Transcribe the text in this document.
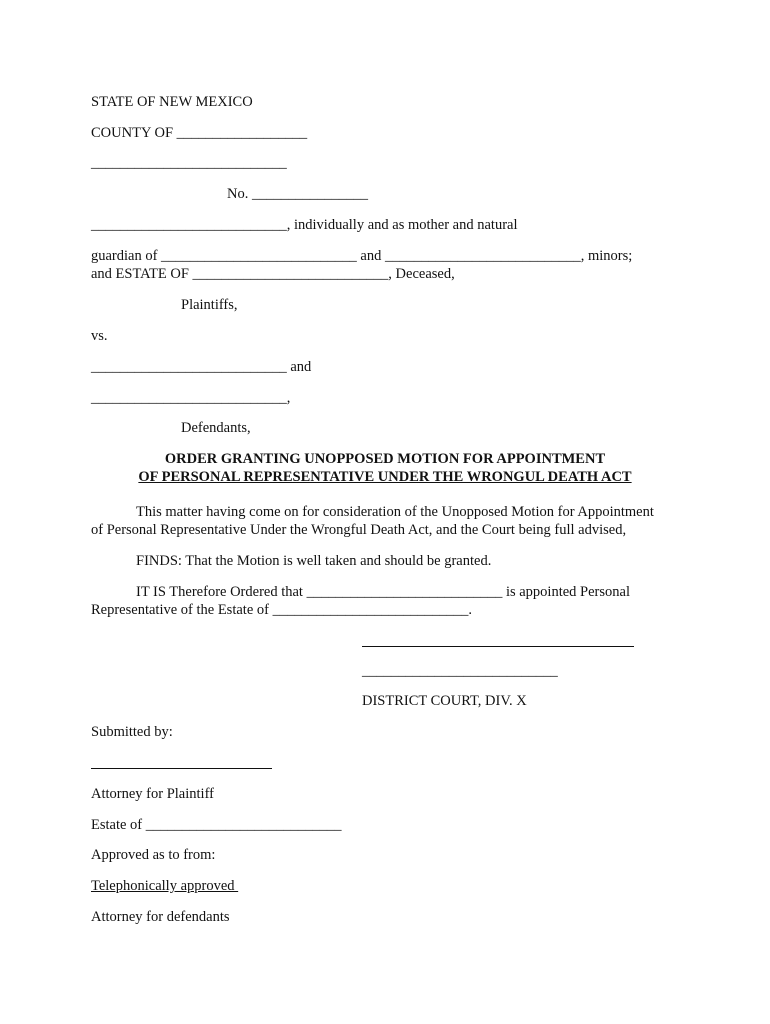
STATE OF NEW MEXICO
COUNTY OF __________________
___________________________
No. ________________
___________________________, individually and as mother and natural
guardian of ___________________________ and ___________________________, minors;
and ESTATE OF ___________________________, Deceased,
Plaintiffs,
vs.
___________________________ and
___________________________,
Defendants,
ORDER GRANTING UNOPPOSED MOTION FOR APPOINTMENT
OF PERSONAL REPRESENTATIVE UNDER THE WRONGUL DEATH ACT
This matter having come on for consideration of the Unopposed Motion for Appointment
of Personal Representative Under the Wrongful Death Act, and the Court being full advised,
FINDS: That the Motion is well taken and should be granted.
IT IS Therefore Ordered that ___________________________ is appointed Personal
Representative of the Estate of ___________________________.
___________________________
DISTRICT COURT, DIV. X
Submitted by:
Attorney for Plaintiff
Estate of ___________________________
Approved as to from:
Telephonically approved
Attorney for defendants
